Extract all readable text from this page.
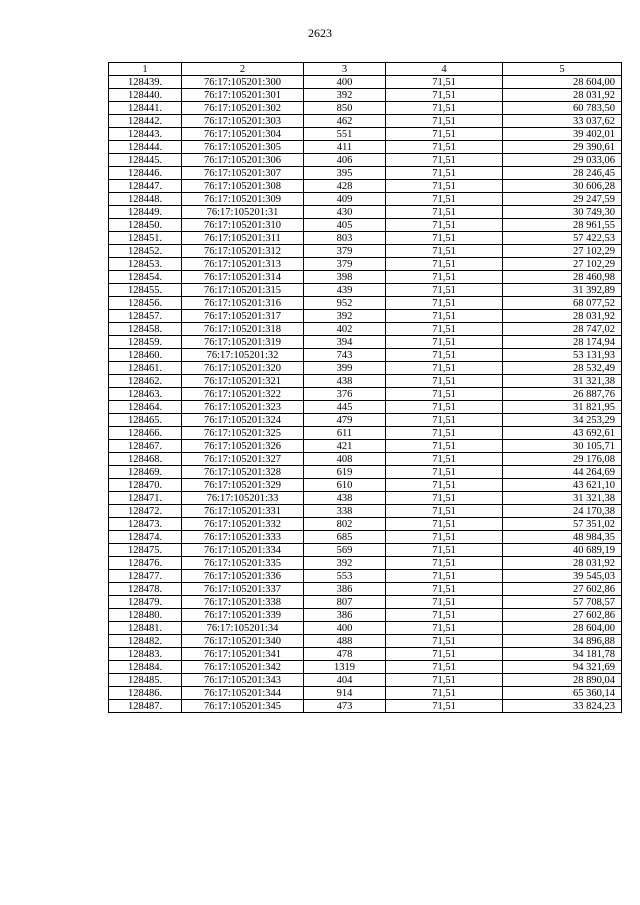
2623
1	2	3	4	5
128439.	76:17:105201:300	400	71,51	28 604,00
128440.	76:17:105201:301	392	71,51	28 031,92
128441.	76:17:105201:302	850	71,51	60 783,50
128442.	76:17:105201:303	462	71,51	33 037,62
128443.	76:17:105201:304	551	71,51	39 402,01
128444.	76:17:105201:305	411	71,51	29 390,61
128445.	76:17:105201:306	406	71,51	29 033,06
128446.	76:17:105201:307	395	71,51	28 246,45
128447.	76:17:105201:308	428	71,51	30 606,28
128448.	76:17:105201:309	409	71,51	29 247,59
128449.	76:17:105201:31	430	71,51	30 749,30
128450.	76:17:105201:310	405	71,51	28 961,55
128451.	76:17:105201:311	803	71,51	57 422,53
128452.	76:17:105201:312	379	71,51	27 102,29
128453.	76:17:105201:313	379	71,51	27 102,29
128454.	76:17:105201:314	398	71,51	28 460,98
128455.	76:17:105201:315	439	71,51	31 392,89
128456.	76:17:105201:316	952	71,51	68 077,52
128457.	76:17:105201:317	392	71,51	28 031,92
128458.	76:17:105201:318	402	71,51	28 747,02
128459.	76:17:105201:319	394	71,51	28 174,94
128460.	76:17:105201:32	743	71,51	53 131,93
128461.	76:17:105201:320	399	71,51	28 532,49
128462.	76:17:105201:321	438	71,51	31 321,38
128463.	76:17:105201:322	376	71,51	26 887,76
128464.	76:17:105201:323	445	71,51	31 821,95
128465.	76:17:105201:324	479	71,51	34 253,29
128466.	76:17:105201:325	611	71,51	43 692,61
128467.	76:17:105201:326	421	71,51	30 105,71
128468.	76:17:105201:327	408	71,51	29 176,08
128469.	76:17:105201:328	619	71,51	44 264,69
128470.	76:17:105201:329	610	71,51	43 621,10
128471.	76:17:105201:33	438	71,51	31 321,38
128472.	76:17:105201:331	338	71,51	24 170,38
128473.	76:17:105201:332	802	71,51	57 351,02
128474.	76:17:105201:333	685	71,51	48 984,35
128475.	76:17:105201:334	569	71,51	40 689,19
128476.	76:17:105201:335	392	71,51	28 031,92
128477.	76:17:105201:336	553	71,51	39 545,03
128478.	76:17:105201:337	386	71,51	27 602,86
128479.	76:17:105201:338	807	71,51	57 708,57
128480.	76:17:105201:339	386	71,51	27 602,86
128481.	76:17:105201:34	400	71,51	28 604,00
128482.	76:17:105201:340	488	71,51	34 896,88
128483.	76:17:105201:341	478	71,51	34 181,78
128484.	76:17:105201:342	1319	71,51	94 321,69
128485.	76:17:105201:343	404	71,51	28 890,04
128486.	76:17:105201:344	914	71,51	65 360,14
128487.	76:17:105201:345	473	71,51	33 824,23
